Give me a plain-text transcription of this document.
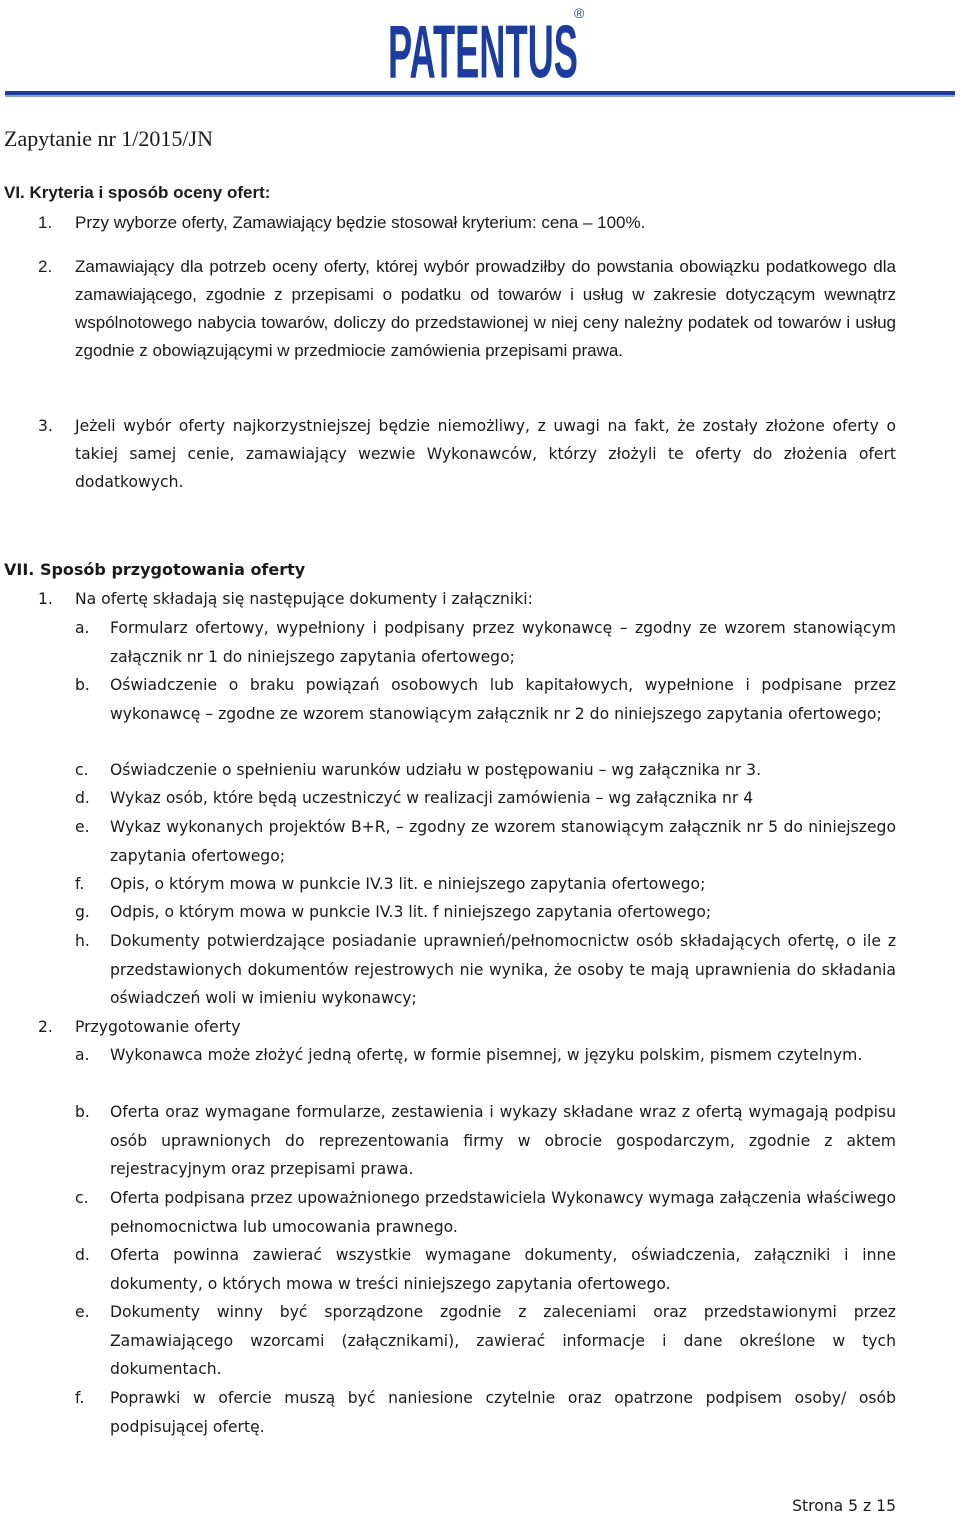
PATENTUS
®
Zapytanie nr 1/2015/JN
VI. Kryteria i sposób oceny ofert:
1. Przy wyborze oferty, Zamawiający będzie stosował kryterium: cena – 100%.
2. Zamawiający dla potrzeb oceny oferty, której wybór prowadziłby do powstania obowiązku podatkowego dla zamawiającego, zgodnie z przepisami o podatku od towarów i usług w zakresie dotyczącym wewnątrz wspólnotowego nabycia towarów, doliczy do przedstawionej w niej ceny należny podatek od towarów i usług zgodnie z obowiązującymi w przedmiocie zamówienia przepisami prawa.
3. Jeżeli wybór oferty najkorzystniejszej będzie niemożliwy, z uwagi na fakt, że zostały złożone oferty o takiej samej cenie, zamawiający wezwie Wykonawców, którzy złożyli te oferty do złożenia ofert dodatkowych.
VII. Sposób przygotowania oferty
1. Na ofertę składają się następujące dokumenty i załączniki:
a. Formularz ofertowy, wypełniony i podpisany przez wykonawcę – zgodny ze wzorem stanowiącym załącznik nr 1 do niniejszego zapytania ofertowego;
b. Oświadczenie o braku powiązań osobowych lub kapitałowych, wypełnione i podpisane przez wykonawcę – zgodne ze wzorem stanowiącym załącznik nr 2 do niniejszego zapytania ofertowego;
c. Oświadczenie o spełnieniu warunków udziału w postępowaniu – wg załącznika nr 3.
d. Wykaz osób, które będą uczestniczyć w realizacji zamówienia – wg załącznika nr 4
e. Wykaz wykonanych projektów B+R, – zgodny ze wzorem stanowiącym załącznik nr 5 do niniejszego zapytania ofertowego;
f. Opis, o którym mowa w punkcie IV.3 lit. e niniejszego zapytania ofertowego;
g. Odpis, o którym mowa w punkcie IV.3 lit. f niniejszego zapytania ofertowego;
h. Dokumenty potwierdzające posiadanie uprawnień/pełnomocnictw osób składających ofertę, o ile z przedstawionych dokumentów rejestrowych nie wynika, że osoby te mają uprawnienia do składania oświadczeń woli w imieniu wykonawcy;
2. Przygotowanie oferty
a. Wykonawca może złożyć jedną ofertę, w formie pisemnej, w języku polskim, pismem czytelnym.
b. Oferta oraz wymagane formularze, zestawienia i wykazy składane wraz z ofertą wymagają podpisu osób uprawnionych do reprezentowania firmy w obrocie gospodarczym, zgodnie z aktem rejestracyjnym oraz przepisami prawa.
c. Oferta podpisana przez upoważnionego przedstawiciela Wykonawcy wymaga załączenia właściwego pełnomocnictwa lub umocowania prawnego.
d. Oferta powinna zawierać wszystkie wymagane dokumenty, oświadczenia, załączniki i inne dokumenty, o których mowa w treści niniejszego zapytania ofertowego.
e. Dokumenty winny być sporządzone zgodnie z zaleceniami oraz przedstawionymi przez Zamawiającego wzorcami (załącznikami), zawierać informacje i dane określone w tych dokumentach.
f. Poprawki w ofercie muszą być naniesione czytelnie oraz opatrzone podpisem osoby/ osób podpisującej ofertę.
Strona 5 z 15
